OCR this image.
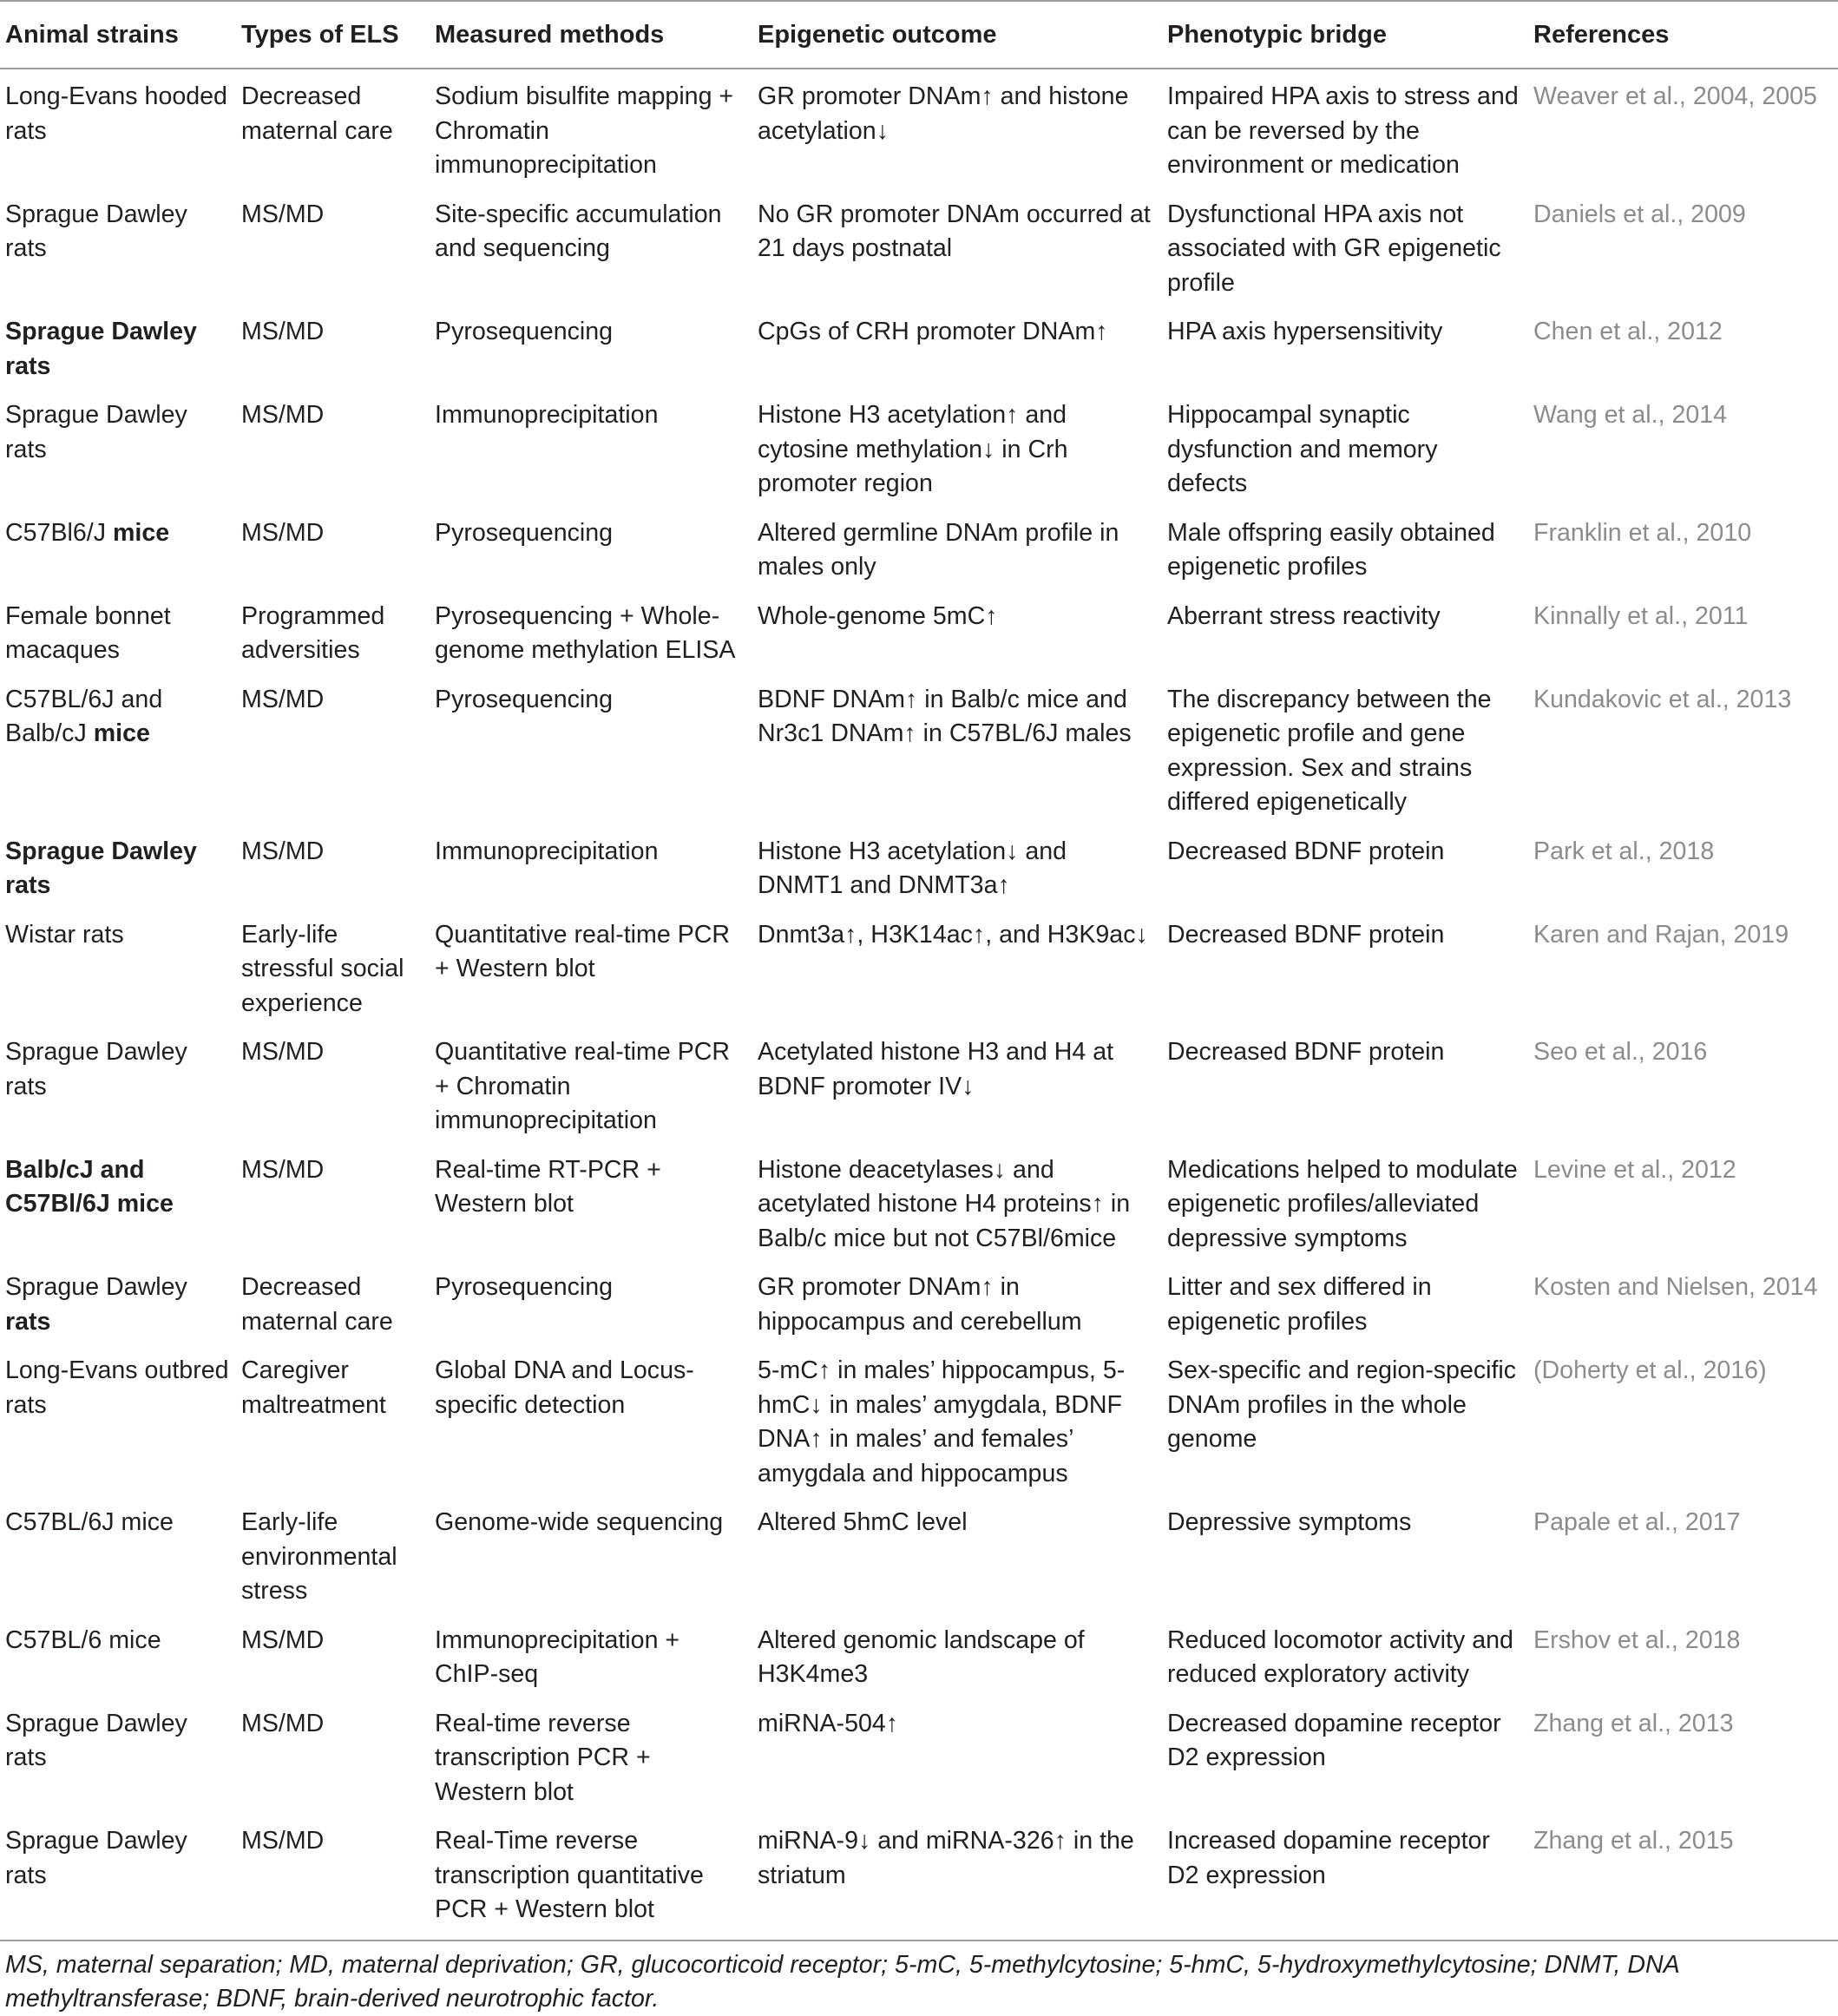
Animal strains	Types of ELS	Measured methods	Epigenetic outcome	Phenotypic bridge	References
Long-Evans hooded rats	Decreased maternal care	Sodium bisulfite mapping + Chromatin immunoprecipitation	GR promoter DNAm↑ and histone acetylation↓	Impaired HPA axis to stress and can be reversed by the environment or medication	Weaver et al., 2004, 2005
Sprague Dawley rats	MS/MD	Site-specific accumulation and sequencing	No GR promoter DNAm occurred at 21 days postnatal	Dysfunctional HPA axis not associated with GR epigenetic profile	Daniels et al., 2009
Sprague Dawley rats	MS/MD	Pyrosequencing	CpGs of CRH promoter DNAm↑	HPA axis hypersensitivity	Chen et al., 2012
Sprague Dawley rats	MS/MD	Immunoprecipitation	Histone H3 acetylation↑ and cytosine methylation↓ in Crh promoter region	Hippocampal synaptic dysfunction and memory defects	Wang et al., 2014
C57Bl6/J mice	MS/MD	Pyrosequencing	Altered germline DNAm profile in males only	Male offspring easily obtained epigenetic profiles	Franklin et al., 2010
Female bonnet macaques	Programmed adversities	Pyrosequencing + Whole-genome methylation ELISA	Whole-genome 5mC↑	Aberrant stress reactivity	Kinnally et al., 2011
C57BL/6J and Balb/cJ mice	MS/MD	Pyrosequencing	BDNF DNAm↑ in Balb/c mice and Nr3c1 DNAm↑ in C57BL/6J males	The discrepancy between the epigenetic profile and gene expression. Sex and strains differed epigenetically	Kundakovic et al., 2013
Sprague Dawley rats	MS/MD	Immunoprecipitation	Histone H3 acetylation↓ and DNMT1 and DNMT3a↑	Decreased BDNF protein	Park et al., 2018
Wistar rats	Early-life stressful social experience	Quantitative real-time PCR + Western blot	Dnmt3a↑, H3K14ac↑, and H3K9ac↓	Decreased BDNF protein	Karen and Rajan, 2019
Sprague Dawley rats	MS/MD	Quantitative real-time PCR + Chromatin immunoprecipitation	Acetylated histone H3 and H4 at BDNF promoter IV↓	Decreased BDNF protein	Seo et al., 2016
Balb/cJ and C57Bl/6J mice	MS/MD	Real-time RT-PCR + Western blot	Histone deacetylases↓ and acetylated histone H4 proteins↑ in Balb/c mice but not C57Bl/6mice	Medications helped to modulate epigenetic profiles/alleviated depressive symptoms	Levine et al., 2012
Sprague Dawley rats	Decreased maternal care	Pyrosequencing	GR promoter DNAm↑ in hippocampus and cerebellum	Litter and sex differed in epigenetic profiles	Kosten and Nielsen, 2014
Long-Evans outbred rats	Caregiver maltreatment	Global DNA and Locus-specific detection	5-mC↑ in males’ hippocampus, 5-hmC↓ in males’ amygdala, BDNF DNA↑ in males’ and females’ amygdala and hippocampus	Sex-specific and region-specific DNAm profiles in the whole genome	(Doherty et al., 2016)
C57BL/6J mice	Early-life environmental stress	Genome-wide sequencing	Altered 5hmC level	Depressive symptoms	Papale et al., 2017
C57BL/6 mice	MS/MD	Immunoprecipitation + ChIP-seq	Altered genomic landscape of H3K4me3	Reduced locomotor activity and reduced exploratory activity	Ershov et al., 2018
Sprague Dawley rats	MS/MD	Real-time reverse transcription PCR + Western blot	miRNA-504↑	Decreased dopamine receptor D2 expression	Zhang et al., 2013
Sprague Dawley rats	MS/MD	Real-Time reverse transcription quantitative PCR + Western blot	miRNA-9↓ and miRNA-326↑ in the striatum	Increased dopamine receptor D2 expression	Zhang et al., 2015
MS, maternal separation; MD, maternal deprivation; GR, glucocorticoid receptor; 5-mC, 5-methylcytosine; 5-hmC, 5-hydroxymethylcytosine; DNMT, DNA methyltransferase; BDNF, brain-derived neurotrophic factor.
